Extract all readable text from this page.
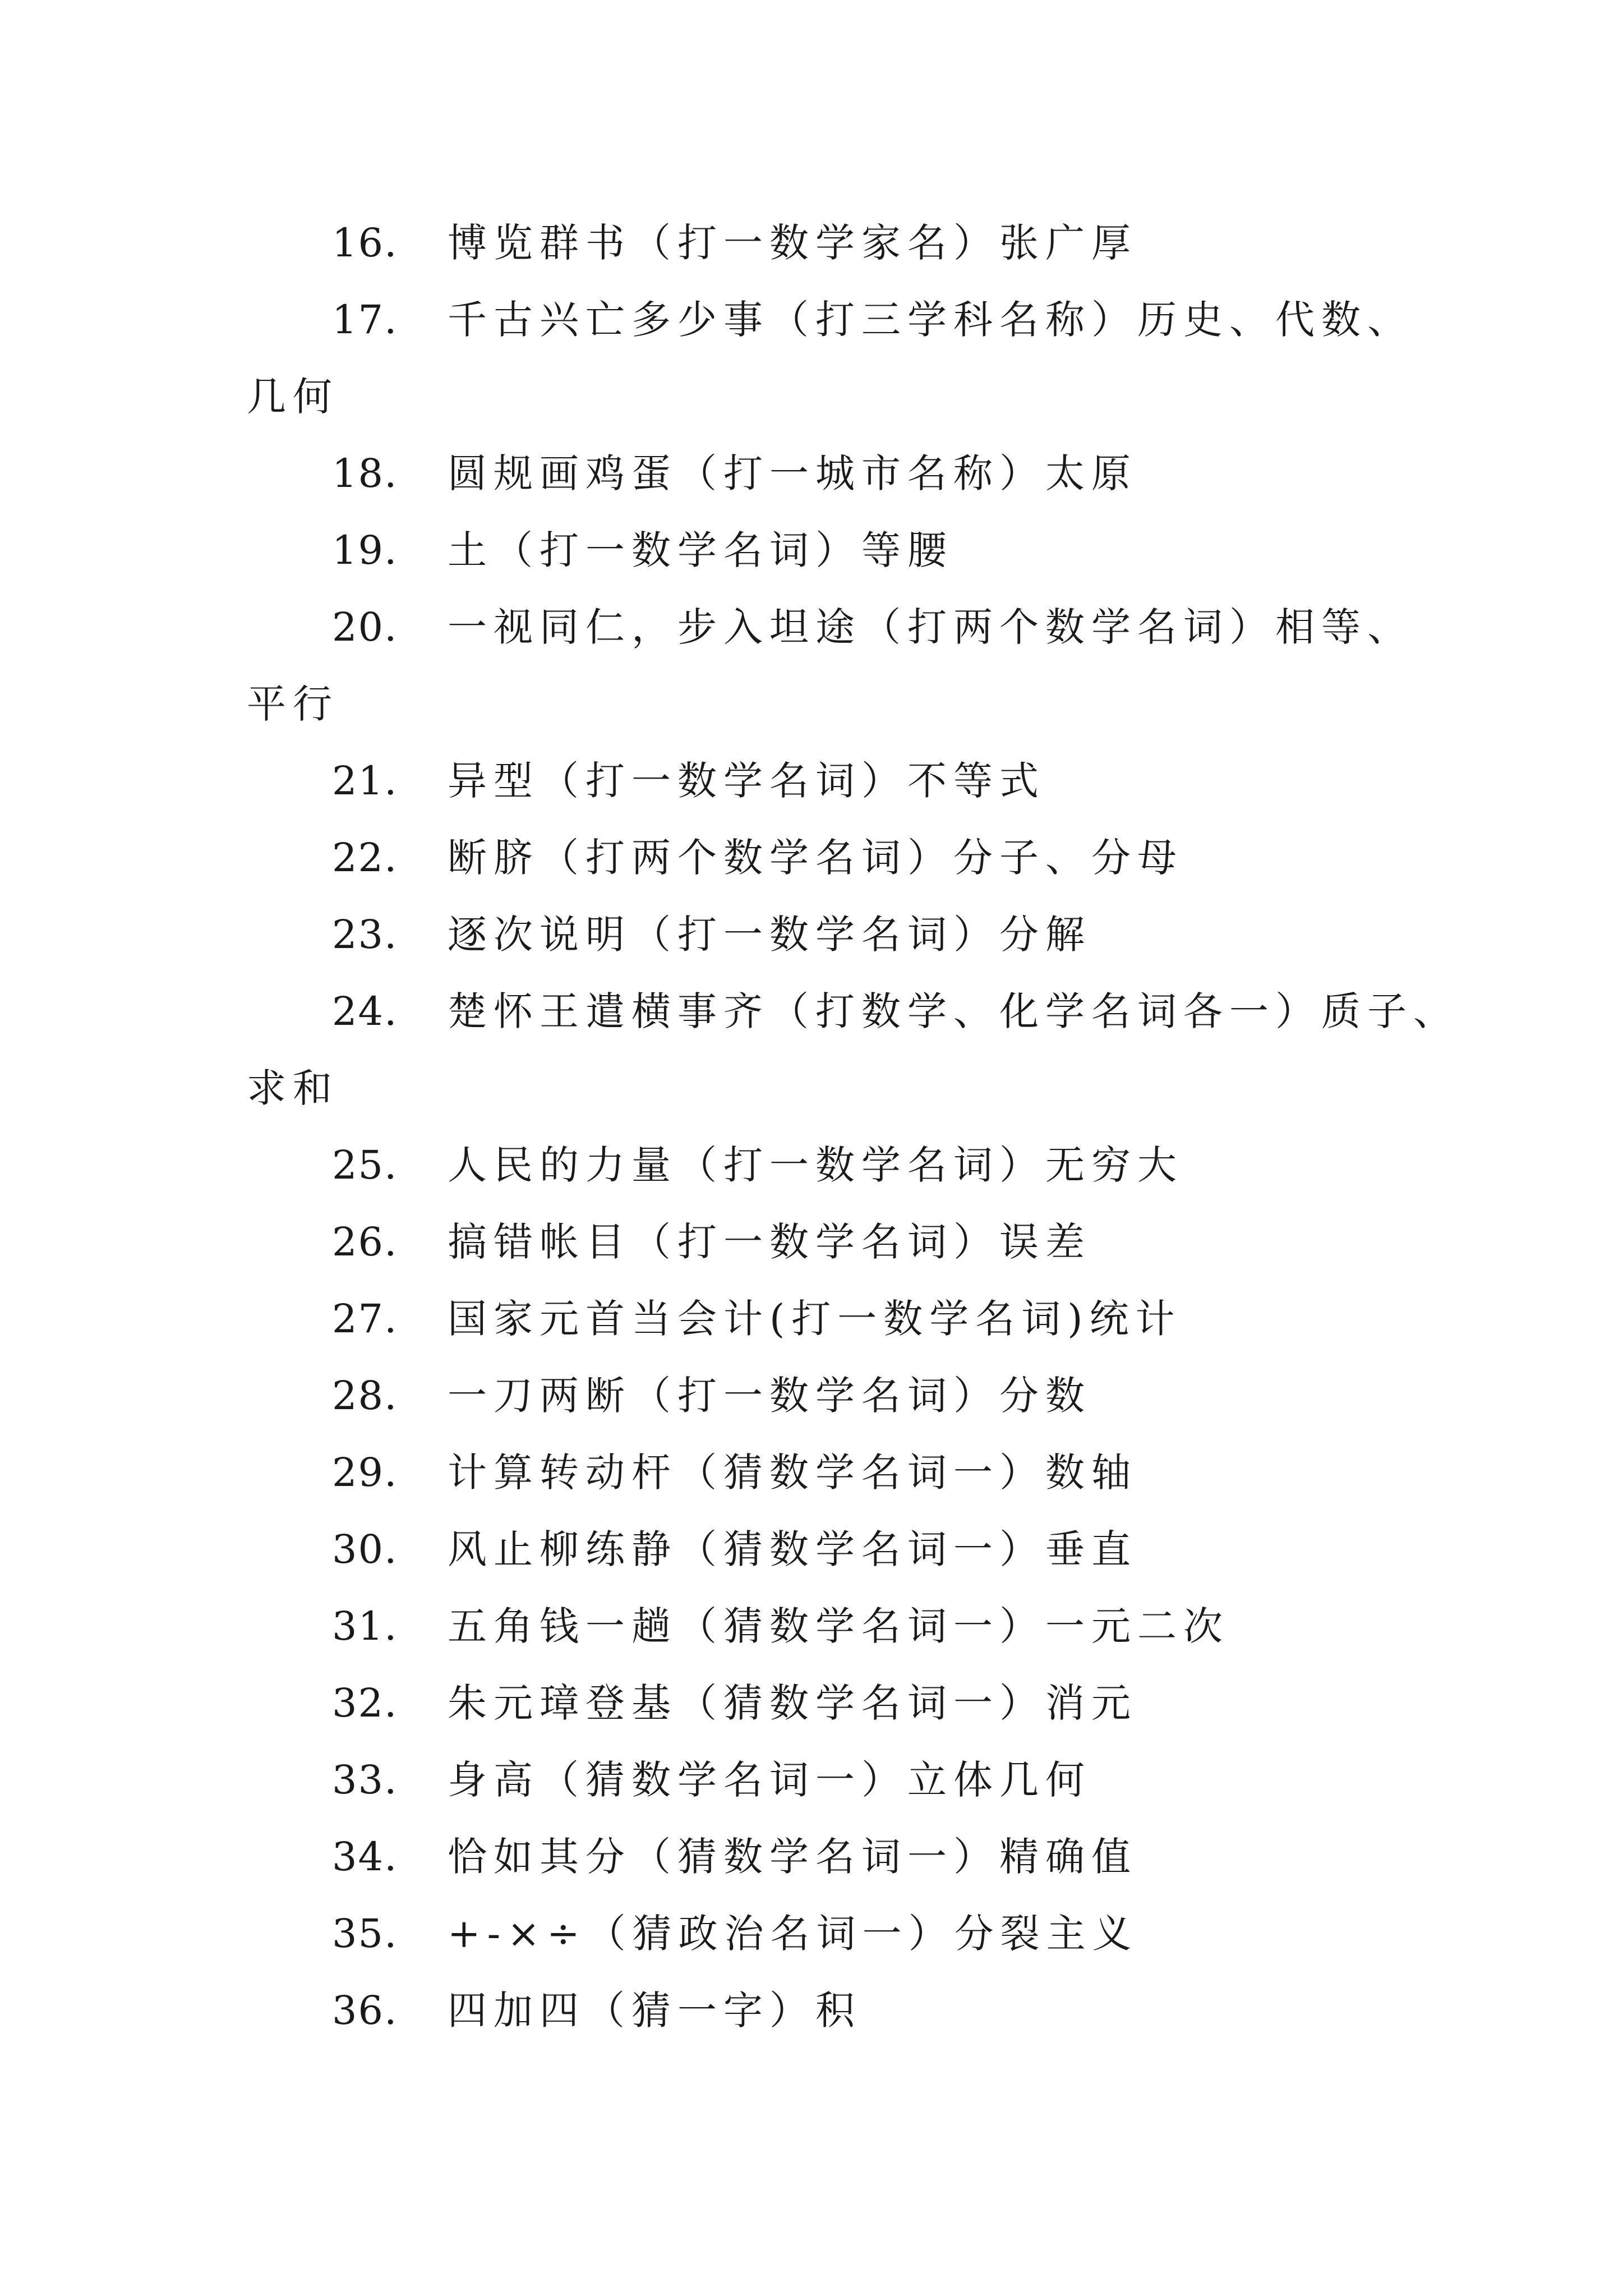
16. 博览群书（打一数学家名）张广厚
17. 千古兴亡多少事（打三学科名称）历史、代数、
几何
18. 圆规画鸡蛋（打一城市名称）太原
19. 土（打一数学名词）等腰
20. 一视同仁，步入坦途（打两个数学名词）相等、
平行
21. 异型（打一数学名词）不等式
22. 断脐（打两个数学名词）分子、分母
23. 逐次说明（打一数学名词）分解
24. 楚怀王遣横事齐（打数学、化学名词各一）质子、
求和
25. 人民的力量（打一数学名词）无穷大
26. 搞错帐目（打一数学名词）误差
27. 国家元首当会计(打一数学名词)统计
28. 一刀两断（打一数学名词）分数
29. 计算转动杆（猜数学名词一）数轴
30. 风止柳练静（猜数学名词一）垂直
31. 五角钱一趟（猜数学名词一）一元二次
32. 朱元璋登基（猜数学名词一）消元
33. 身高（猜数学名词一）立体几何
34. 恰如其分（猜数学名词一）精确值
35. +-×÷（猜政治名词一）分裂主义
36. 四加四（猜一字）积
